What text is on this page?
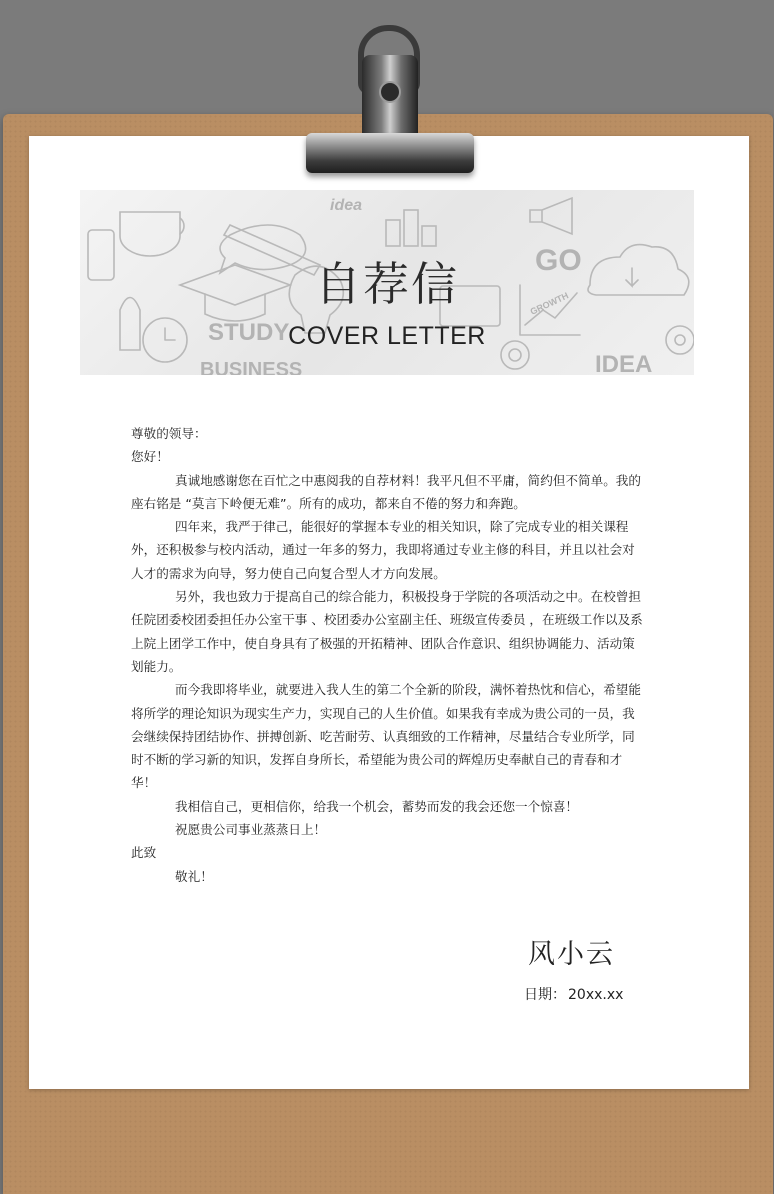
idea
STUDY
GO
IDEA
BUSINESS
GROWTH
自荐信
COVER LETTER

尊敬的领导：

您好！

真诚地感谢您在百忙之中惠阅我的自荐材料！我平凡但不平庸，简约但不简单。我的座右铭是 “莫言下岭便无难”。所有的成功，都来自不倦的努力和奔跑。

四年来，我严于律己，能很好的掌握本专业的相关知识，除了完成专业的相关课程外，还积极参与校内活动，通过一年多的努力，我即将通过专业主修的科目，并且以社会对人才的需求为向导，努力使自己向复合型人才方向发展。

另外，我也致力于提高自己的综合能力，积极投身于学院的各项活动之中。在校曾担任院团委校团委担任办公室干事 、校团委办公室副主任、班级宣传委员 ，在班级工作以及系上院上团学工作中，使自身具有了极强的开拓精神、团队合作意识、组织协调能力、活动策划能力。

而今我即将毕业，就要进入我人生的第二个全新的阶段，满怀着热忱和信心，希望能将所学的理论知识为现实生产力，实现自己的人生价值。如果我有幸成为贵公司的一员，我会继续保持团结协作、拼搏创新、吃苦耐劳、认真细致的工作精神，尽量结合专业所学，同时不断的学习新的知识，发挥自身所长，希望能为贵公司的辉煌历史奉献自己的青春和才华！

我相信自己，更相信你，给我一个机会，蓄势而发的我会还您一个惊喜！

祝愿贵公司事业蒸蒸日上！

此致

敬礼！

风小云
日期： 20xx.xx
